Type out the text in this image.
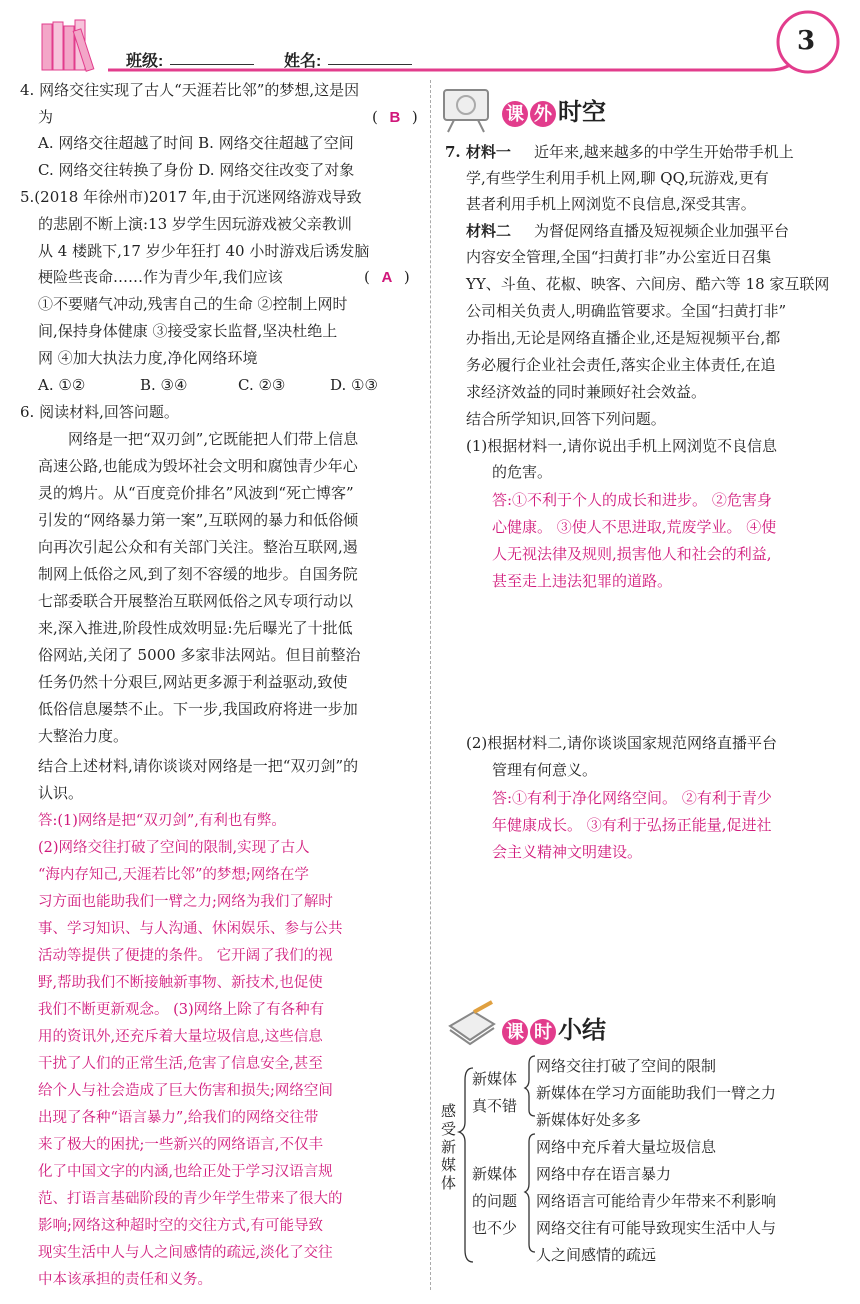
班级:	姓名:
3
4. 网络交往实现了古人“天涯若比邻”的梦想,这是因
为	( B )
A. 网络交往超越了时间 B. 网络交往超越了空间
C. 网络交往转换了身份 D. 网络交往改变了对象
5.(2018 年徐州市)2017 年,由于沉迷网络游戏导致
的悲剧不断上演:13 岁学生因玩游戏被父亲教训
从 4 楼跳下,17 岁少年狂打 40 小时游戏后诱发脑
梗险些丧命……作为青少年,我们应该	( A )
①不要赌气冲动,残害自己的生命 ②控制上网时
间,保持身体健康 ③接受家长监督,坚决杜绝上
网 ④加大执法力度,净化网络环境
A. ①②	B. ③④	C. ②③	D. ①③
6. 阅读材料,回答问题。
网络是一把“双刃剑”,它既能把人们带上信息
高速公路,也能成为毁坏社会文明和腐蚀青少年心
灵的鸩片。从“百度竞价排名”风波到“死亡博客”
引发的“网络暴力第一案”,互联网的暴力和低俗倾
向再次引起公众和有关部门关注。整治互联网,遏
制网上低俗之风,到了刻不容缓的地步。自国务院
七部委联合开展整治互联网低俗之风专项行动以
来,深入推进,阶段性成效明显:先后曝光了十批低
俗网站,关闭了 5000 多家非法网站。但目前整治
任务仍然十分艰巨,网站更多源于利益驱动,致使
低俗信息屡禁不止。下一步,我国政府将进一步加
大整治力度。
结合上述材料,请你谈谈对网络是一把“双刃剑”的
认识。
答:(1)网络是把“双刃剑”,有利也有弊。
(2)网络交往打破了空间的限制,实现了古人
“海内存知己,天涯若比邻”的梦想;网络在学
习方面也能助我们一臂之力;网络为我们了解时
事、学习知识、与人沟通、休闲娱乐、参与公共
活动等提供了便捷的条件。 它开阔了我们的视
野,帮助我们不断接触新事物、新技术,也促使
我们不断更新观念。 (3)网络上除了有各种有
用的资讯外,还充斥着大量垃圾信息,这些信息
干扰了人们的正常生活,危害了信息安全,甚至
给个人与社会造成了巨大伤害和损失;网络空间
出现了各种“语言暴力”,给我们的网络交往带
来了极大的困扰;一些新兴的网络语言,不仅丰
化了中国文字的内涵,也给正处于学习汉语言规
范、打语言基础阶段的青少年学生带来了很大的
影响;网络这种超时空的交往方式,有可能导致
现实生活中人与人之间感情的疏远,淡化了交往
中本该承担的责任和义务。
课 外 时空
7. 材料一 近年来,越来越多的中学生开始带手机上
学,有些学生利用手机上网,聊 QQ,玩游戏,更有
甚者利用手机上网浏览不良信息,深受其害。
材料二 为督促网络直播及短视频企业加强平台
内容安全管理,全国“扫黄打非”办公室近日召集
YY、斗鱼、花椒、映客、六间房、酷六等 18 家互联网
公司相关负责人,明确监管要求。全国“扫黄打非”
办指出,无论是网络直播企业,还是短视频平台,都
务必履行企业社会责任,落实企业主体责任,在追
求经济效益的同时兼顾好社会效益。
结合所学知识,回答下列问题。
(1)根据材料一,请你说出手机上网浏览不良信息
的危害。
答:①不利于个人的成长和进步。 ②危害身
心健康。 ③使人不思进取,荒废学业。 ④使
人无视法律及规则,损害他人和社会的利益,
甚至走上违法犯罪的道路。
(2)根据材料二,请你谈谈国家规范网络直播平台
管理有何意义。
答:①有利于净化网络空间。 ②有利于青少
年健康成长。 ③有利于弘扬正能量,促进社
会主义精神文明建设。
课 时 小结
感受新媒体
新媒体
真不错
网络交往打破了空间的限制
新媒体在学习方面能助我们一臂之力
新媒体好处多多
新媒体
的问题
也不少
网络中充斥着大量垃圾信息
网络中存在语言暴力
网络语言可能给青少年带来不利影响
网络交往有可能导致现实生活中人与
人之间感情的疏远
